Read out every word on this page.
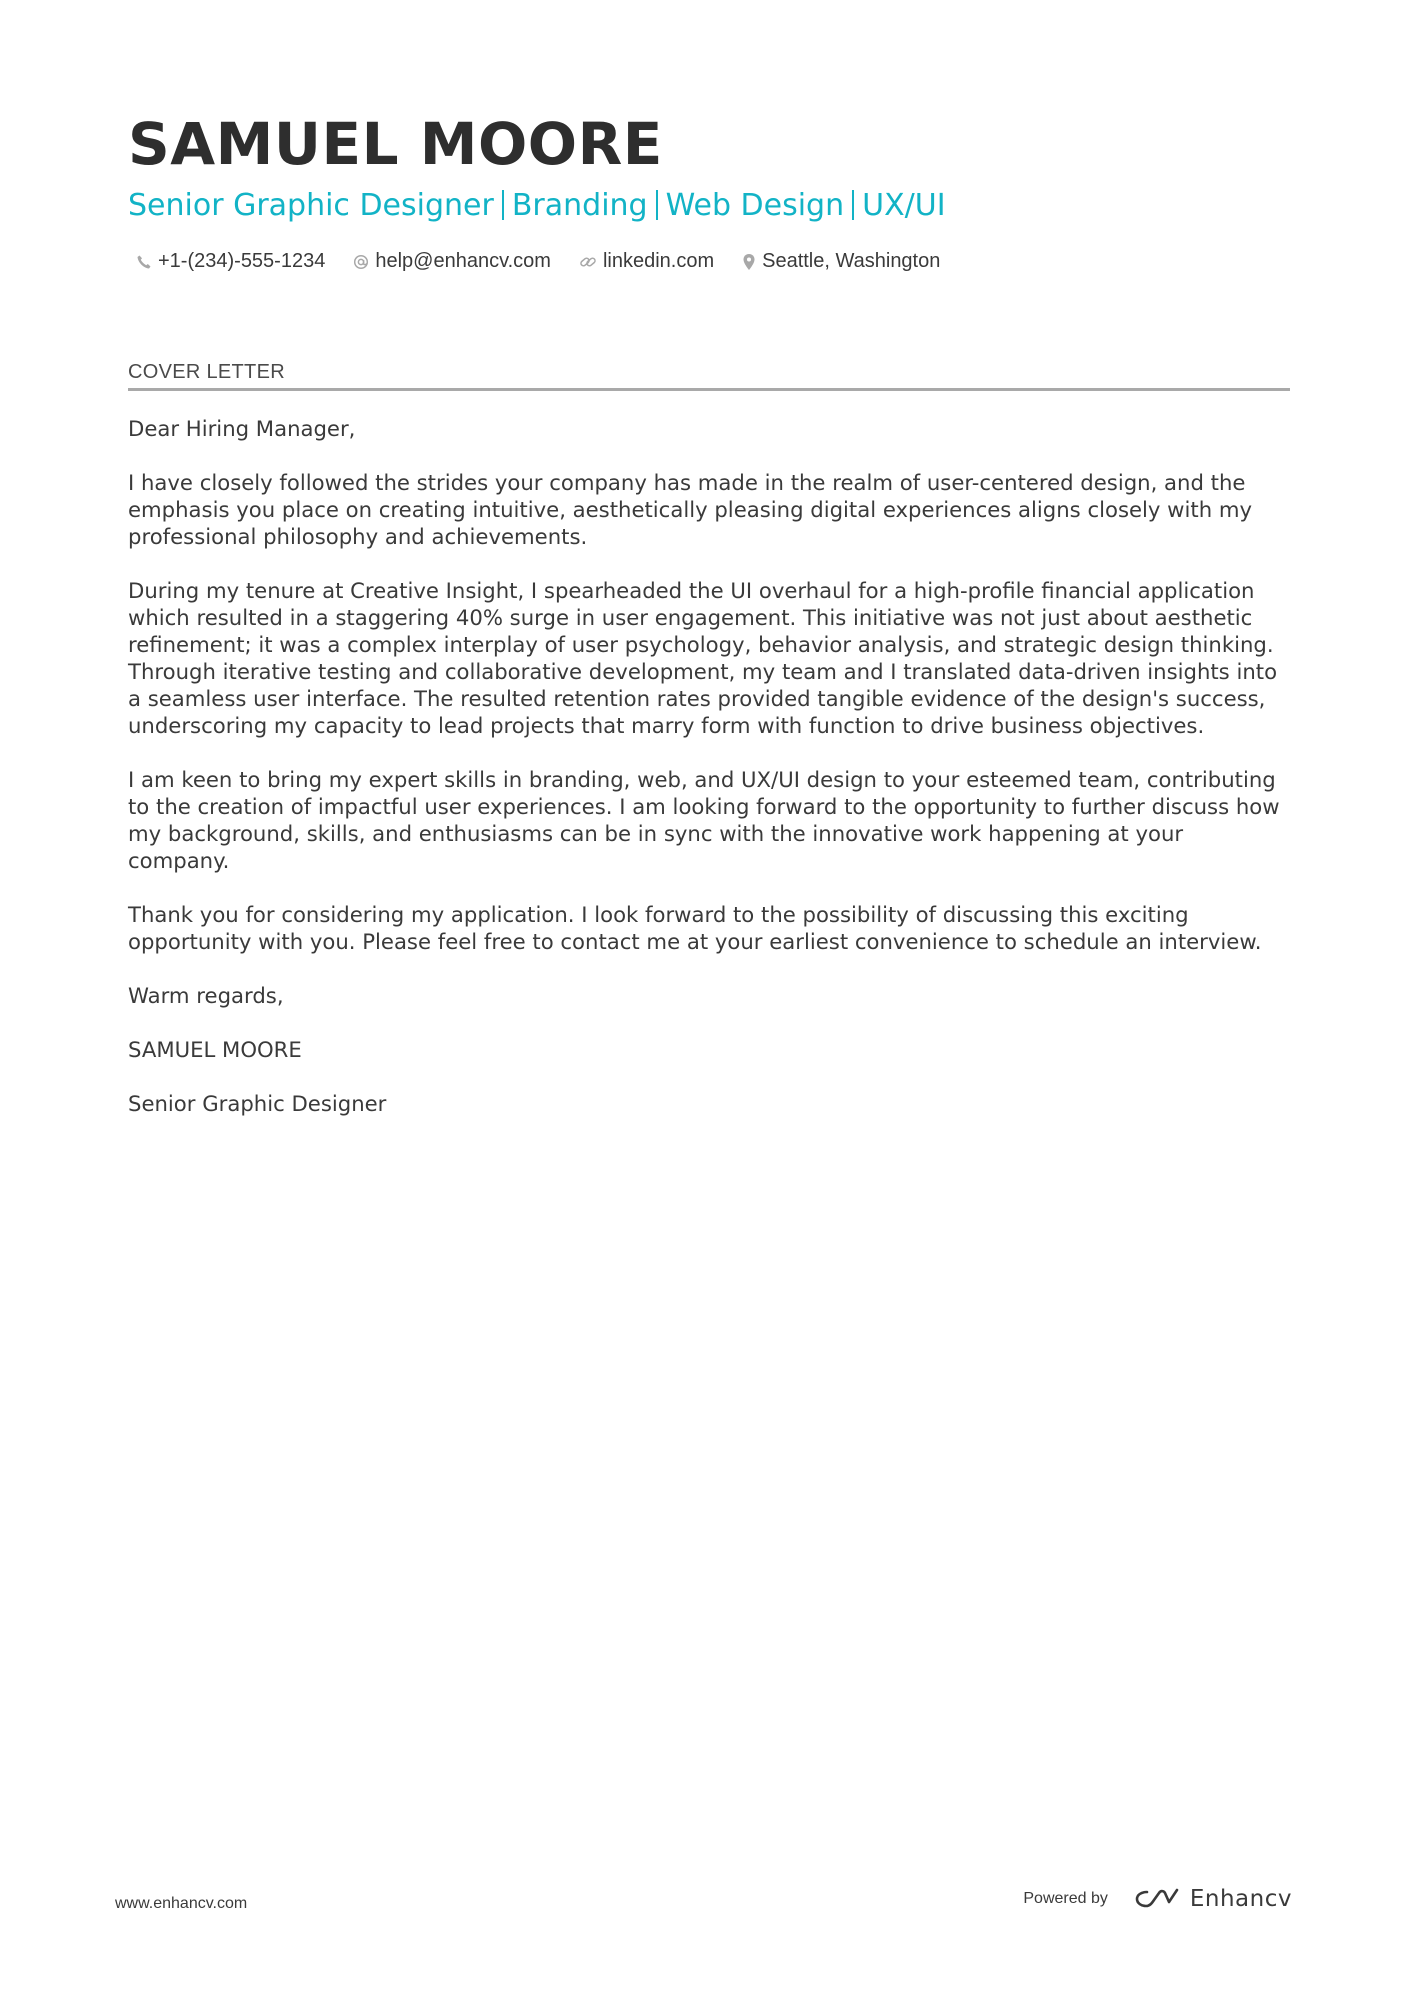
SAMUEL MOORE
Senior Graphic Designer Branding Web Design UX/UI
+1-(234)-555-1234	help@enhancv.com	linkedin.com Seattle, Washington
COVER LETTER

Dear Hiring Manager,

I have closely followed the strides your company has made in the realm of user-centered design, and the emphasis you place on creating intuitive, aesthetically pleasing digital experiences aligns closely with my professional philosophy and achievements.

During my tenure at Creative Insight, I spearheaded the UI overhaul for a high-profile financial application which resulted in a staggering 40% surge in user engagement. This initiative was not just about aesthetic refinement; it was a complex interplay of user psychology, behavior analysis, and strategic design thinking. Through iterative testing and collaborative development, my team and I translated data-driven insights into a seamless user interface. The resulted retention rates provided tangible evidence of the design's success, underscoring my capacity to lead projects that marry form with function to drive business objectives.

I am keen to bring my expert skills in branding, web, and UX/UI design to your esteemed team, contributing to the creation of impactful user experiences. I am looking forward to the opportunity to further discuss how my background, skills, and enthusiasms can be in sync with the innovative work happening at your company.

Thank you for considering my application. I look forward to the possibility of discussing this exciting opportunity with you. Please feel free to contact me at your earliest convenience to schedule an interview.

Warm regards,

SAMUEL MOORE

Senior Graphic Designer

www.enhancv.com	Powered by	Enhancv
